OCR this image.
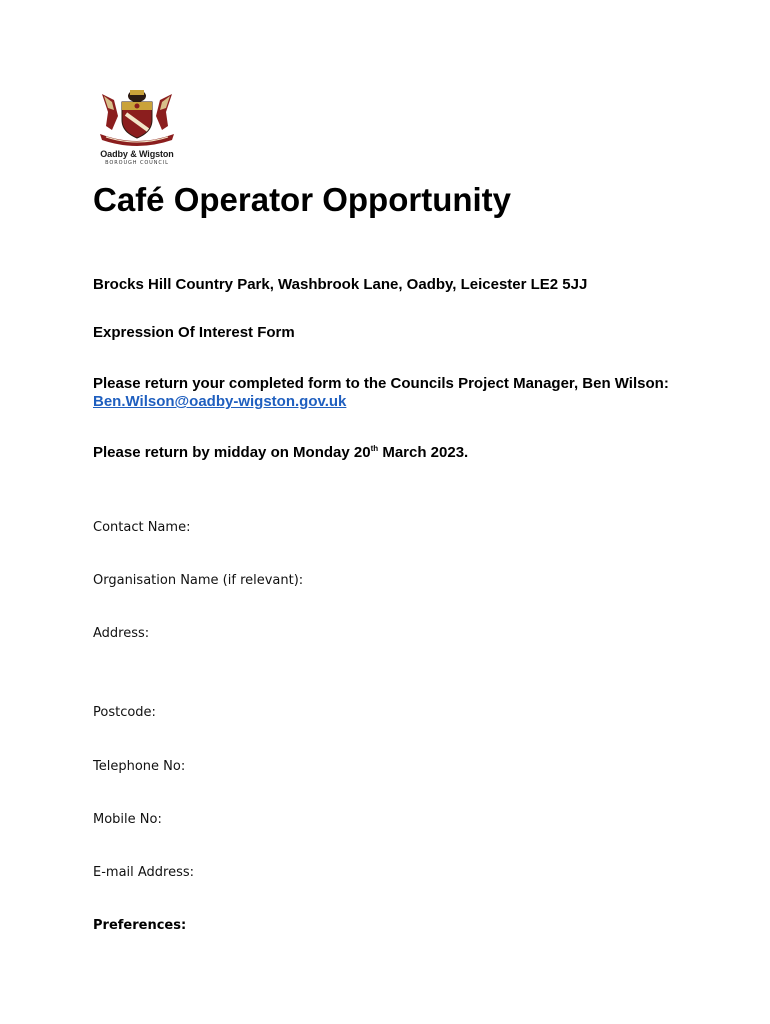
Oadby & Wigston
BOROUGH COUNCIL
Café Operator Opportunity

Brocks Hill Country Park, Washbrook Lane, Oadby, Leicester LE2 5JJ

Expression Of Interest Form

Please return your completed form to the Councils Project Manager, Ben Wilson: Ben.Wilson@oadby-wigston.gov.uk

Please return by midday on Monday 20th March 2023.

Contact Name:

Organisation Name (if relevant):

Address:

Postcode:

Telephone No:

Mobile No:

E-mail Address:

Preferences:
